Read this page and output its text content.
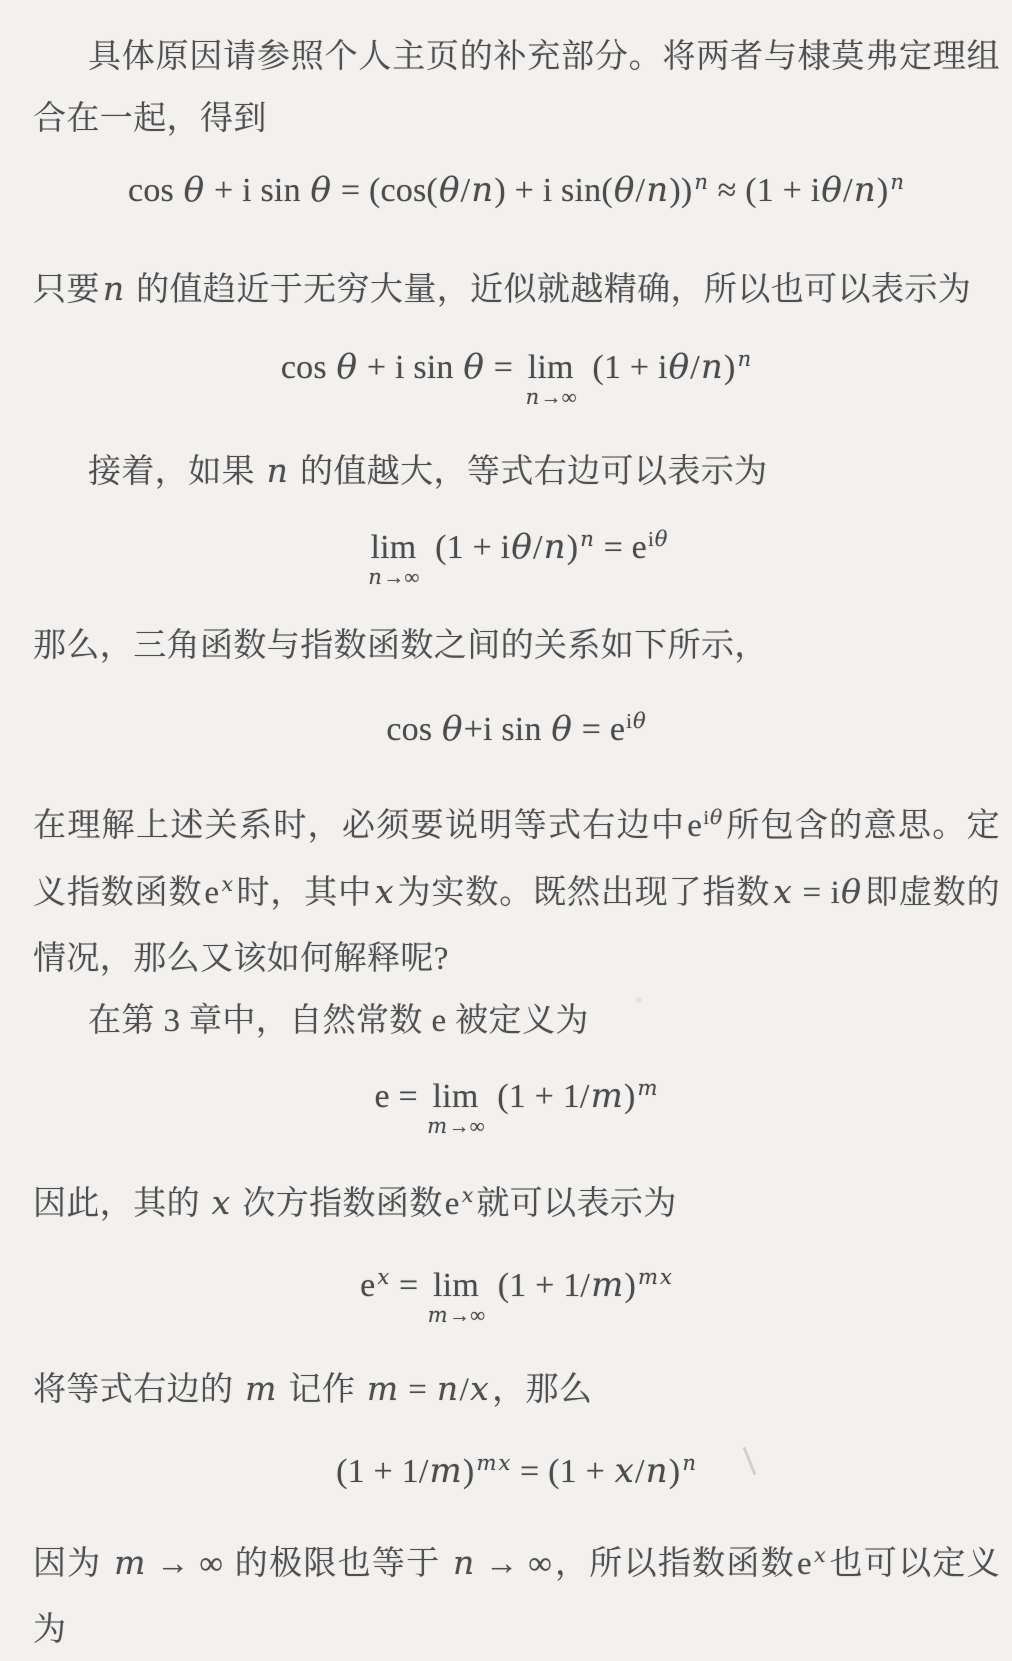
具体原因请参照个人主页的补充部分。将两者与棣莫弗定理组合在一起，得到

cos θ + i sin θ = (cos(θ/n) + i $\sin(\theta/n))^n \approx (1 + i\theta/n)^n$

只要n 的值趋近于无穷大量，近似就越精确，所以也可以表示为

cos θ + i sin θ = lim
n→∞
$(1 + i\theta/n)^n$

接着，如果 n 的值越大，等式右边可以表示为

lim
n→∞
$(1 + i\theta/n)^n = e^{i\theta}$

那么，三角函数与指数函数之间的关系如下所示，

cos θ+i $\sin \theta = e^{i\theta}$

在理解上述关系时，必须要说明等式右边中$e^{i\theta}$所包含的意思。定义指数函数$e^x$时，其中x为实数。既然出现了指数x = iθ即虚数的情况，那么又该如何解释呢?

在第 3 章中，自然常数 e 被定义为

e = lim
m→∞
$(1 + 1/m)^m$

因此，其的 x 次方指数函数$e^x$就可以表示为

$e^x = \lim$
m→∞
$(1 + 1/m)^{mx}$

将等式右边的 m 记作 m = n/x，那么

$(1 + 1/m)^{mx} = (1 + x/n)^n$

因为 m → ∞ 的极限也等于 n → ∞，所以指数函数$e^x$也可以定义为
